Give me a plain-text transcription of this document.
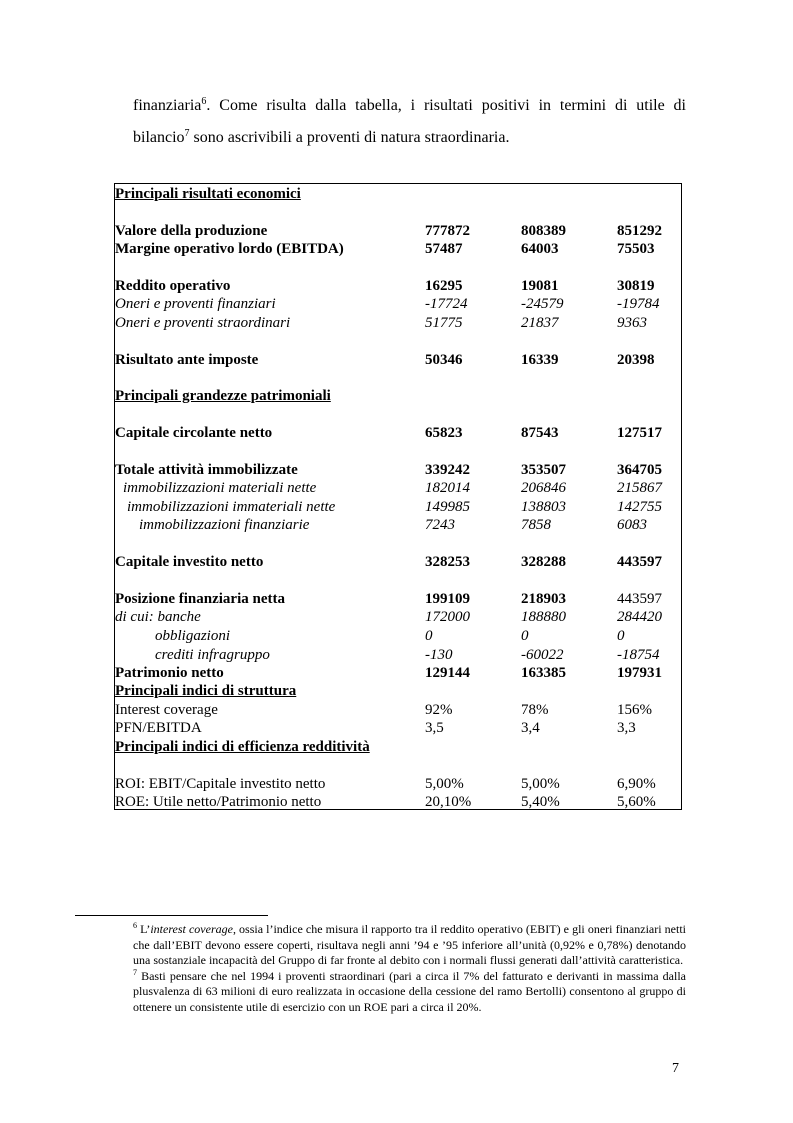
finanziaria$^6$. Come risulta dalla tabella, i risultati positivi in termini di utile di
bilancio$^7$ sono ascrivibili a proventi di natura straordinaria.
Principali risultati economici
Valore della produzione	777872	808389	851292
Margine operativo lordo (EBITDA)	57487	64003	75503
Reddito operativo	16295	19081	30819
Oneri e proventi finanziari	-17724	-24579	-19784
Oneri e proventi straordinari	51775	21837	9363
Risultato ante imposte	50346	16339	20398
Principali grandezze patrimoniali
Capitale circolante netto	65823	87543	127517
Totale attività immobilizzate	339242	353507	364705
immobilizzazioni materiali nette	182014	206846	215867
immobilizzazioni immateriali nette	149985	138803	142755
immobilizzazioni finanziarie	7243	7858	6083
Capitale investito netto	328253	328288	443597
Posizione finanziaria netta	199109	218903	443597
di cui: banche	172000	188880	284420
obbligazioni	0	0	0
crediti infragruppo	-130	-60022	-18754
Patrimonio netto	129144	163385	197931
Principali indici di struttura
Interest coverage	92%	78%	156%
PFN/EBITDA	3,5	3,4	3,3
Principali indici di efficienza redditività
ROI: EBIT/Capitale investito netto	5,00%	5,00%	6,90%
ROE: Utile netto/Patrimonio netto	20,10%	5,40%	5,60%

$^6$ L’interest coverage, ossia l’indice che misura il rapporto tra il reddito operativo (EBIT) e gli oneri finanziari netti che dall’EBIT devono essere coperti, risultava negli anni ’94 e ’95 inferiore all’unità (0,92% e 0,78%) denotando una sostanziale incapacità del Gruppo di far fronte al debito con i normali flussi generati dall’attività caratteristica.

$^7$ Basti pensare che nel 1994 i proventi straordinari (pari a circa il 7% del fatturato e derivanti in massima dalla plusvalenza di 63 milioni di euro realizzata in occasione della cessione del ramo Bertolli) consentono al gruppo di ottenere un consistente utile di esercizio con un ROE pari a circa il 20%.

7
